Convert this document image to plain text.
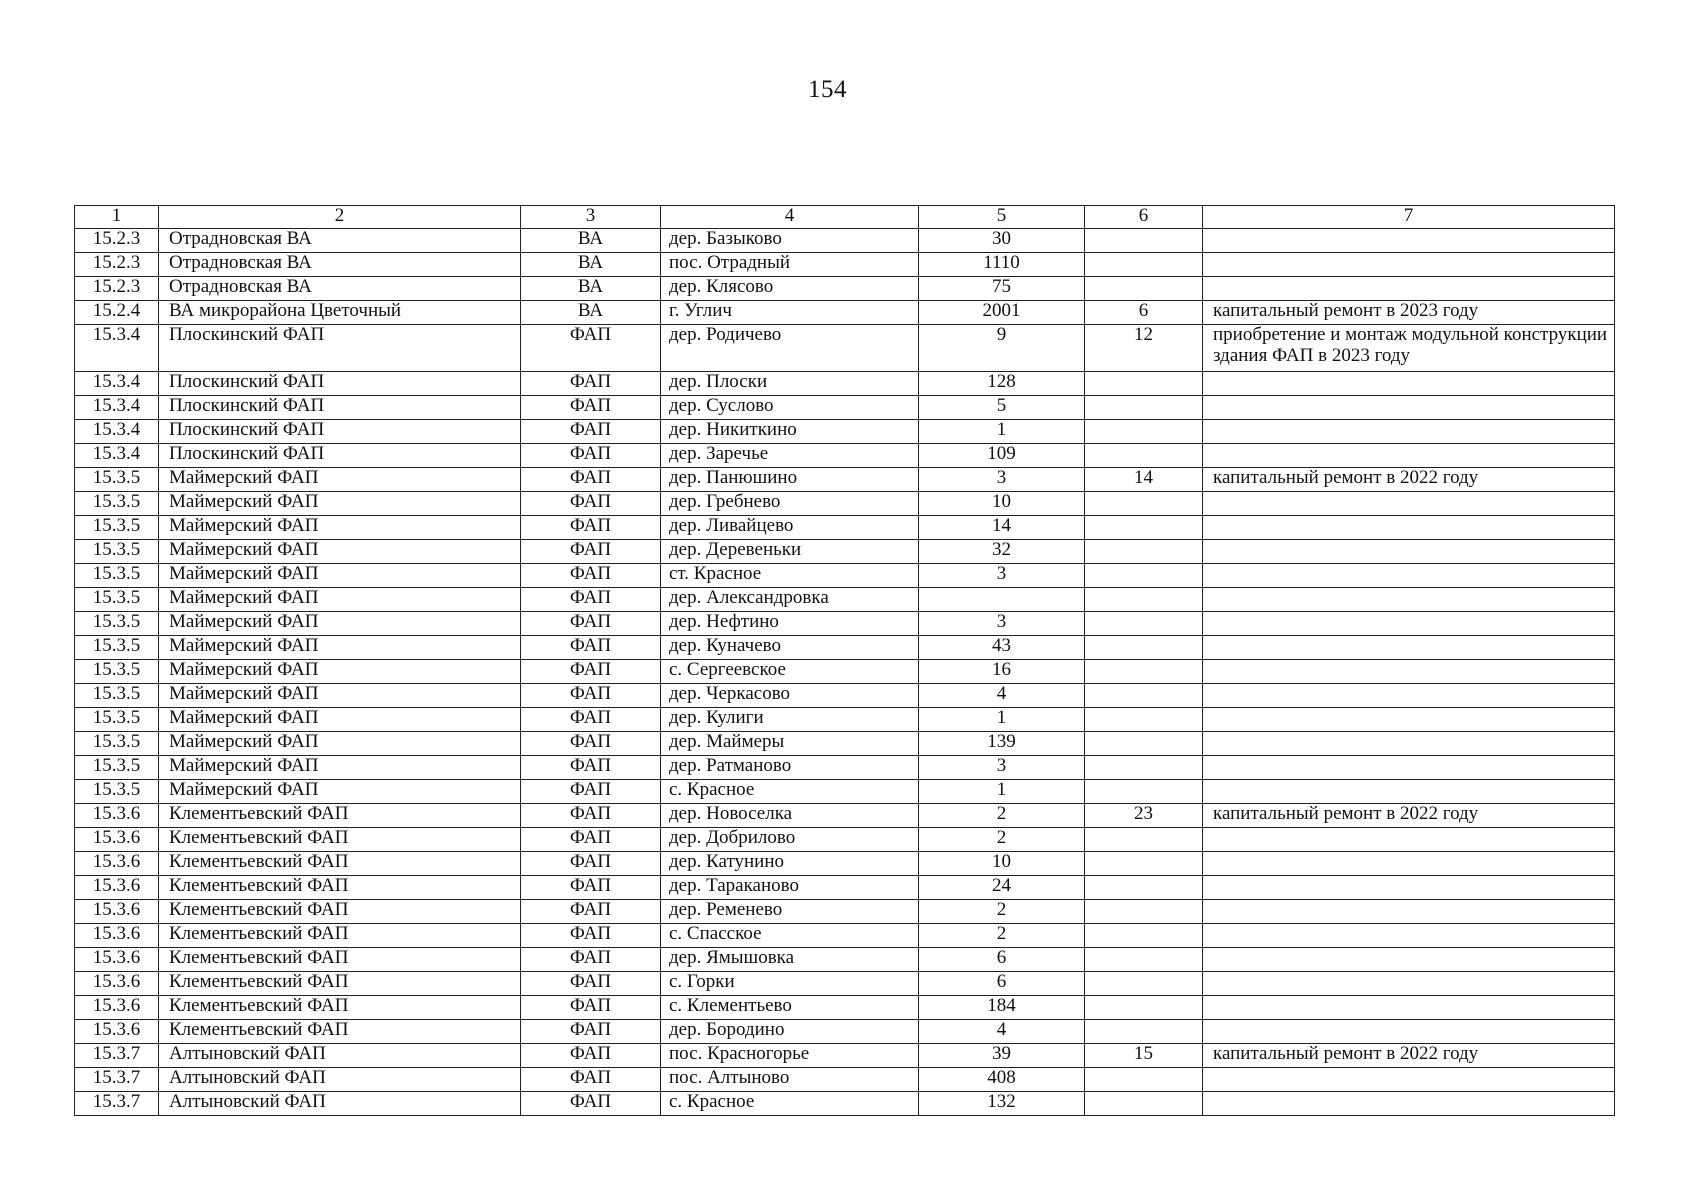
154
1	2	3	4	5	6	7
15.2.3	Отрадновская ВА	ВА	дер. Базыково	30		
15.2.3	Отрадновская ВА	ВА	пос. Отрадный	1110		
15.2.3	Отрадновская ВА	ВА	дер. Клясово	75		
15.2.4	ВА микрорайона Цветочный	ВА	г. Углич	2001	6	капитальный ремонт в 2023 году
15.3.4	Плоскинский ФАП	ФАП	дер. Родичево	9	12	приобретение и монтаж модульной конструкции здания ФАП в 2023 году
15.3.4	Плоскинский ФАП	ФАП	дер. Плоски	128		
15.3.4	Плоскинский ФАП	ФАП	дер. Суслово	5		
15.3.4	Плоскинский ФАП	ФАП	дер. Никиткино	1		
15.3.4	Плоскинский ФАП	ФАП	дер. Заречье	109		
15.3.5	Маймерский ФАП	ФАП	дер. Панюшино	3	14	капитальный ремонт в 2022 году
15.3.5	Маймерский ФАП	ФАП	дер. Гребнево	10		
15.3.5	Маймерский ФАП	ФАП	дер. Ливайцево	14		
15.3.5	Маймерский ФАП	ФАП	дер. Деревеньки	32		
15.3.5	Маймерский ФАП	ФАП	ст. Красное	3		
15.3.5	Маймерский ФАП	ФАП	дер. Александровка			
15.3.5	Маймерский ФАП	ФАП	дер. Нефтино	3		
15.3.5	Маймерский ФАП	ФАП	дер. Куначево	43		
15.3.5	Маймерский ФАП	ФАП	с. Сергеевское	16		
15.3.5	Маймерский ФАП	ФАП	дер. Черкасово	4		
15.3.5	Маймерский ФАП	ФАП	дер. Кулиги	1		
15.3.5	Маймерский ФАП	ФАП	дер. Маймеры	139		
15.3.5	Маймерский ФАП	ФАП	дер. Ратманово	3		
15.3.5	Маймерский ФАП	ФАП	с. Красное	1		
15.3.6	Клементьевский ФАП	ФАП	дер. Новоселка	2	23	капитальный ремонт в 2022 году
15.3.6	Клементьевский ФАП	ФАП	дер. Добрилово	2		
15.3.6	Клементьевский ФАП	ФАП	дер. Катунино	10		
15.3.6	Клементьевский ФАП	ФАП	дер. Тараканово	24		
15.3.6	Клементьевский ФАП	ФАП	дер. Ременево	2		
15.3.6	Клементьевский ФАП	ФАП	с. Спасское	2		
15.3.6	Клементьевский ФАП	ФАП	дер. Ямышовка	6		
15.3.6	Клементьевский ФАП	ФАП	с. Горки	6		
15.3.6	Клементьевский ФАП	ФАП	с. Клементьево	184		
15.3.6	Клементьевский ФАП	ФАП	дер. Бородино	4		
15.3.7	Алтыновский ФАП	ФАП	пос. Красногорье	39	15	капитальный ремонт в 2022 году
15.3.7	Алтыновский ФАП	ФАП	пос. Алтыново	408		
15.3.7	Алтыновский ФАП	ФАП	с. Красное	132		
